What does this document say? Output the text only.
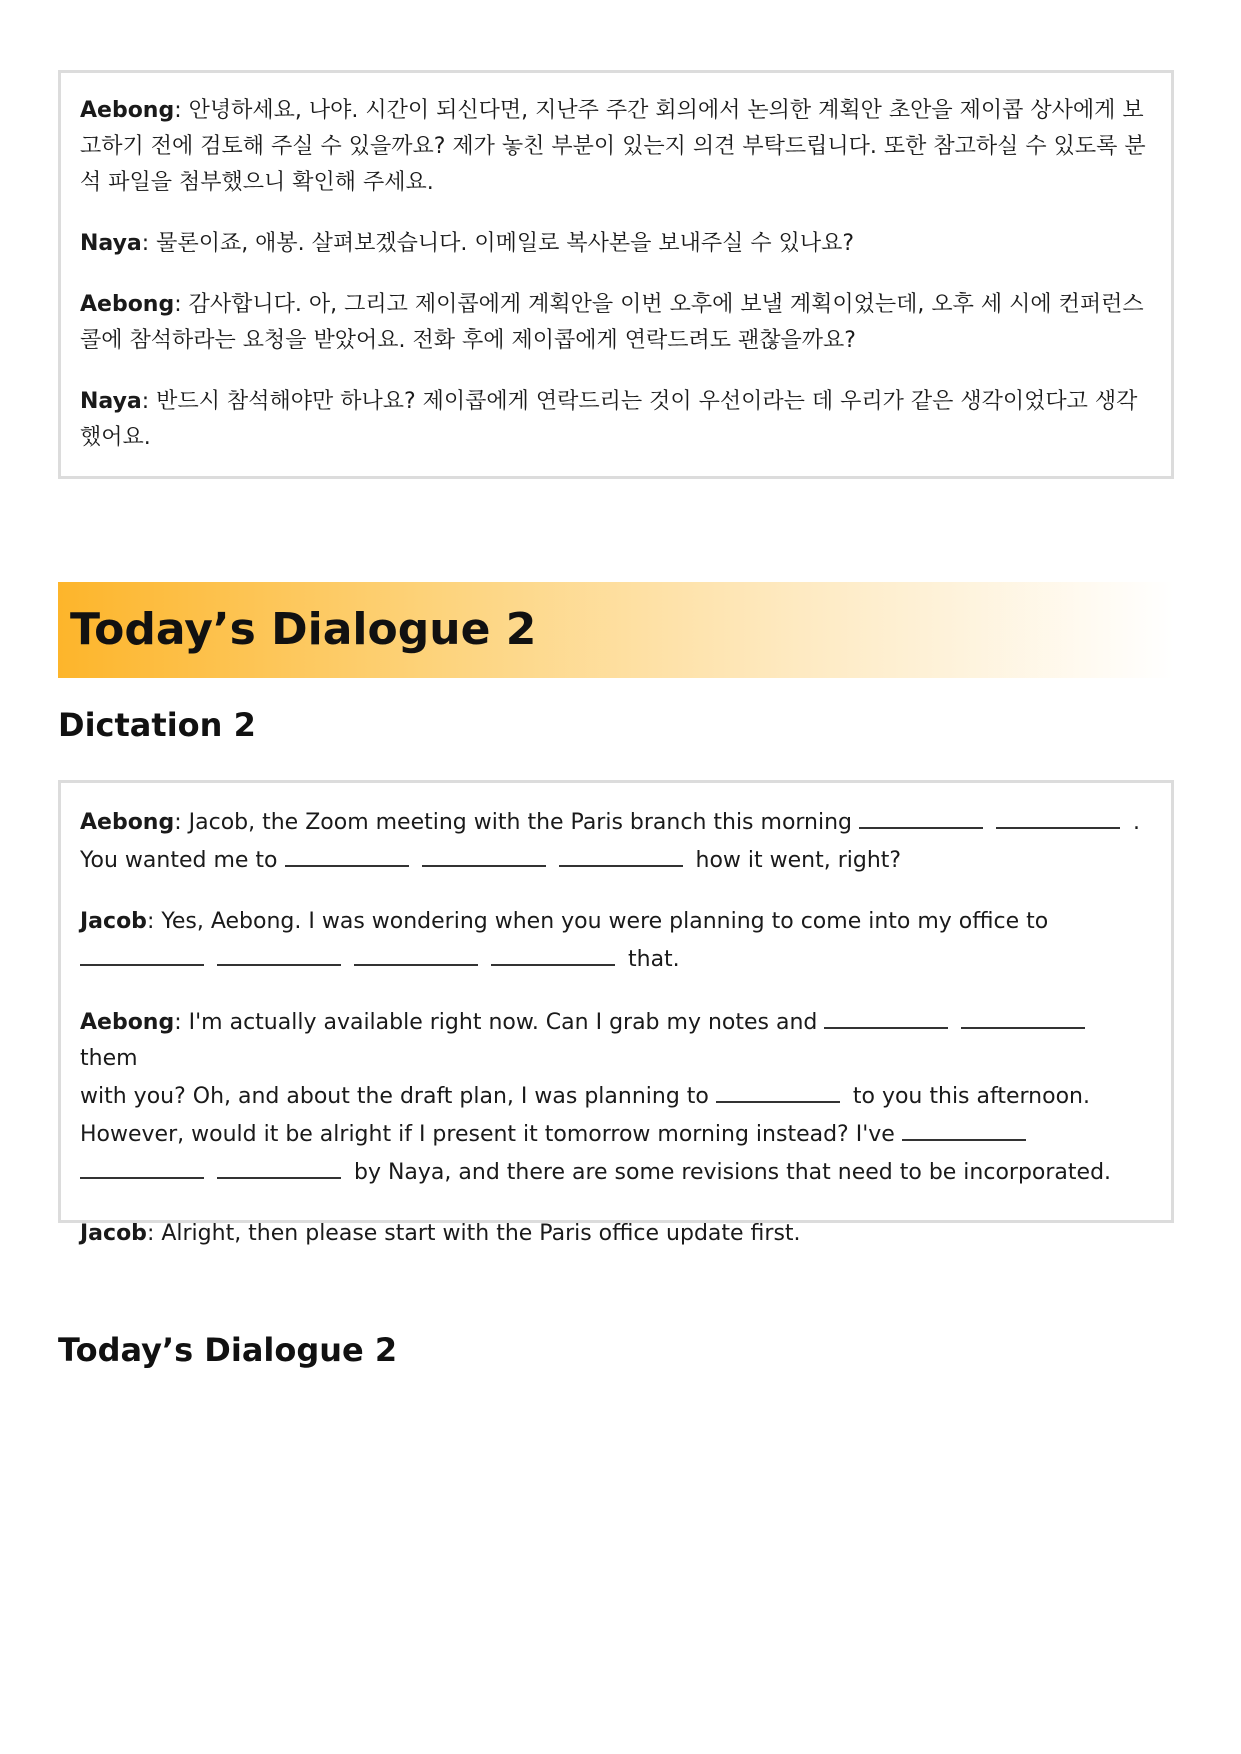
Aebong: 안녕하세요, 나야. 시간이 되신다면, 지난주 주간 회의에서 논의한 계획안 초안을 제이콥 상사에게 보고하기 전에 검토해 주실 수 있을까요? 제가 놓친 부분이 있는지 의견 부탁드립니다. 또한 참고하실 수 있도록 분석 파일을 첨부했으니 확인해 주세요.

Naya: 물론이죠, 애봉. 살펴보겠습니다. 이메일로 복사본을 보내주실 수 있나요?

Aebong: 감사합니다. 아, 그리고 제이콥에게 계획안을 이번 오후에 보낼 계획이었는데, 오후 세 시에 컨퍼런스 콜에 참석하라는 요청을 받았어요. 전화 후에 제이콥에게 연락드려도 괜찮을까요?

Naya: 반드시 참석해야만 하나요? 제이콥에게 연락드리는 것이 우선이라는 데 우리가 같은 생각이었다고 생각했어요.

Today’s Dialogue 2
Dictation 2

Aebong: Jacob, the Zoom meeting with the Paris branch this morning	.
You wanted me to	how it went, right?

Jacob: Yes, Aebong. I was wondering when you were planning to come into my office to
that.

Aebong: I'm actually available right now. Can I grab my notes and   them
with you? Oh, and about the draft plan, I was planning to	to you this afternoon.
However, would it be alright if I present it tomorrow morning instead? I've
by Naya, and there are some revisions that need to be incorporated.

Jacob: Alright, then please start with the Paris office update first.

Today’s Dialogue 2
